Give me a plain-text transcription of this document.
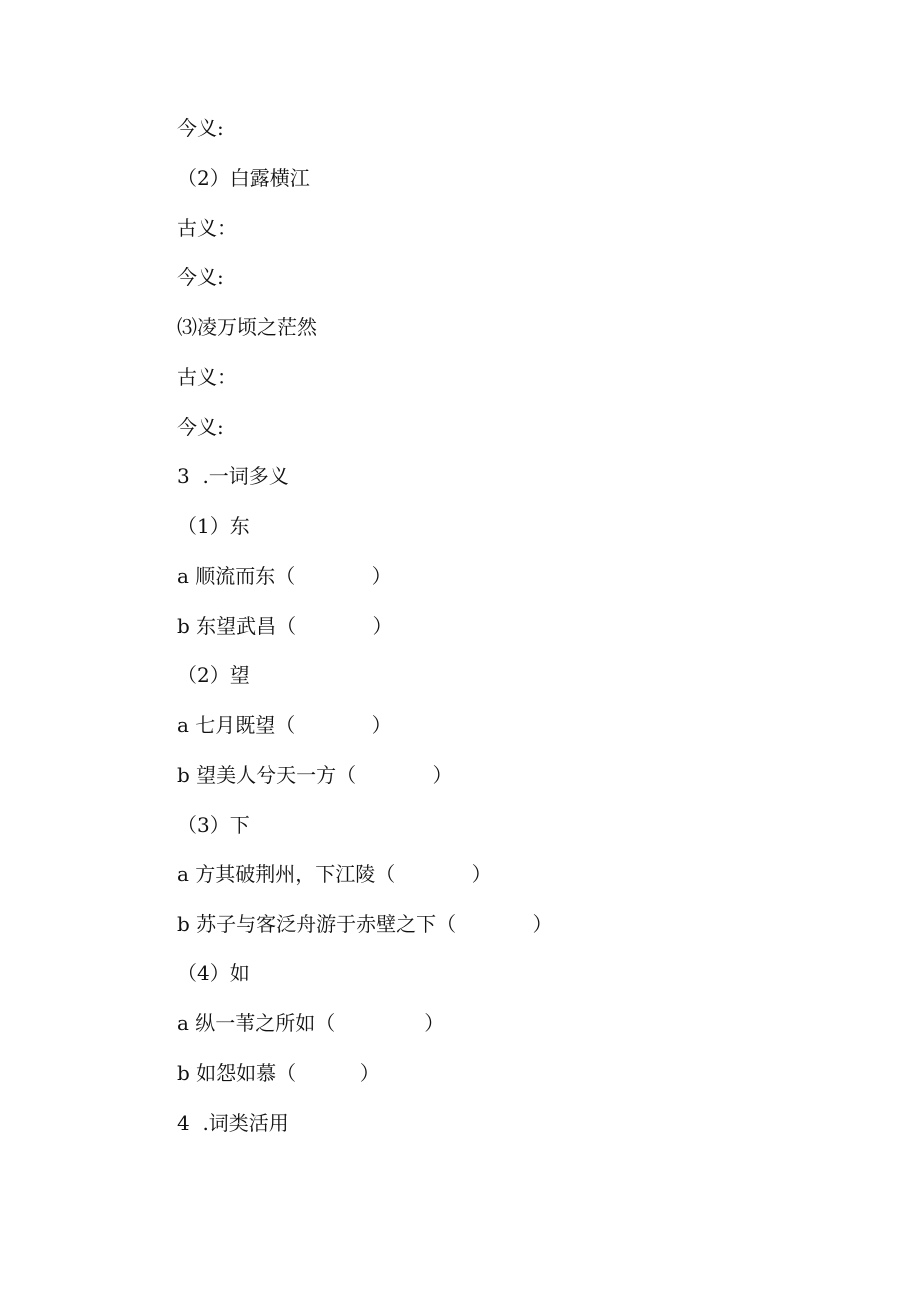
今义:
（2）白露横江
古义：
今义:
⑶凌万顷之茫然
古义：
今义:
3  .一词多义
（1）东
a 顺流而东（            ）
b 东望武昌（            ）
（2）望
a 七月既望（            ）
b 望美人兮天一方（            ）
（3）下
a 方其破荆州，下江陵（            ）
b 苏子与客泛舟游于赤壁之下（            ）
（4）如
a 纵一苇之所如（              ）
b 如怨如慕（          ）
4  .词类活用
